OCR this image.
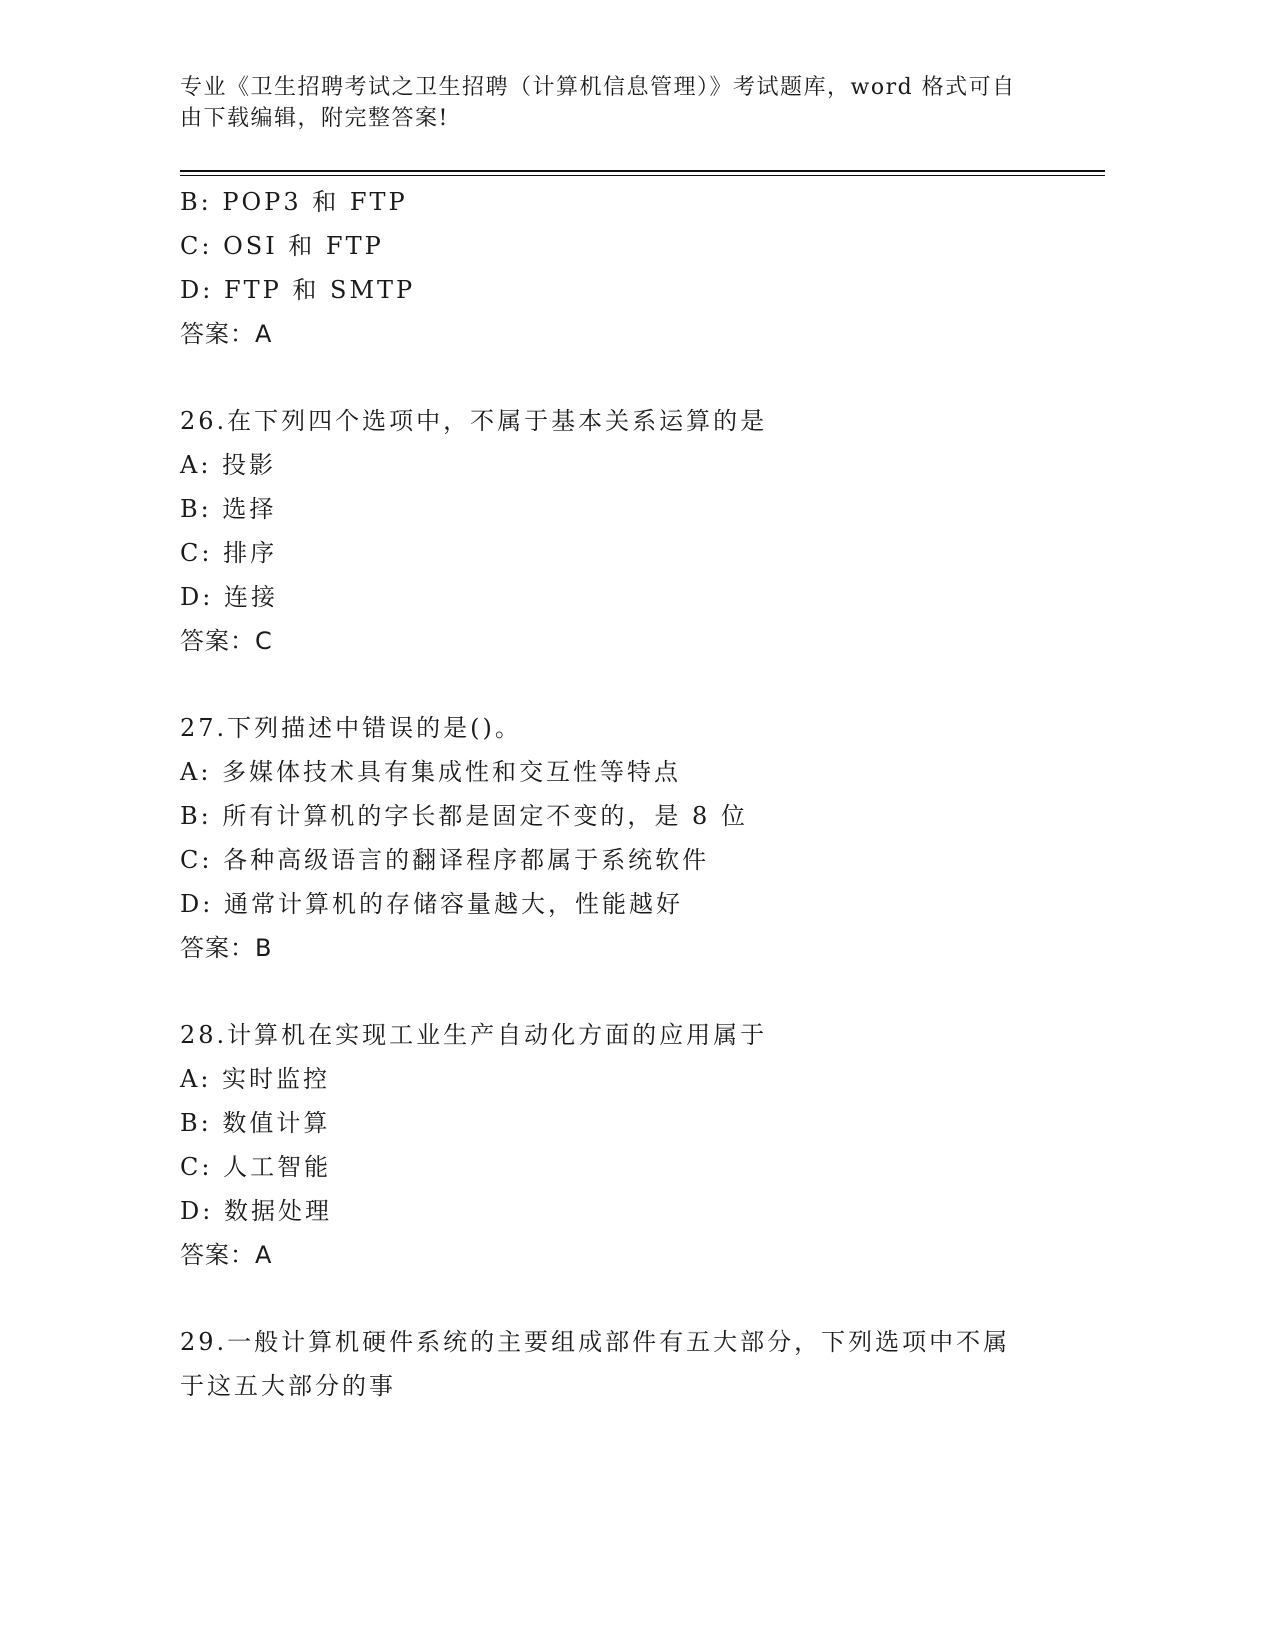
专业《卫生招聘考试之卫生招聘（计算机信息管理）》考试题库，word 格式可自
由下载编辑，附完整答案!
B: POP3 和 FTP
C: OSI 和 FTP
D: FTP 和 SMTP
答案：A
26.在下列四个选项中，不属于基本关系运算的是
A: 投影
B: 选择
C: 排序
D: 连接
答案：C
27.下列描述中错误的是()。
A: 多媒体技术具有集成性和交互性等特点
B: 所有计算机的字长都是固定不变的，是 8 位
C: 各种高级语言的翻译程序都属于系统软件
D: 通常计算机的存储容量越大，性能越好
答案：B
28.计算机在实现工业生产自动化方面的应用属于
A: 实时监控
B: 数值计算
C: 人工智能
D: 数据处理
答案：A
29.一般计算机硬件系统的主要组成部件有五大部分，下列选项中不属
于这五大部分的事
